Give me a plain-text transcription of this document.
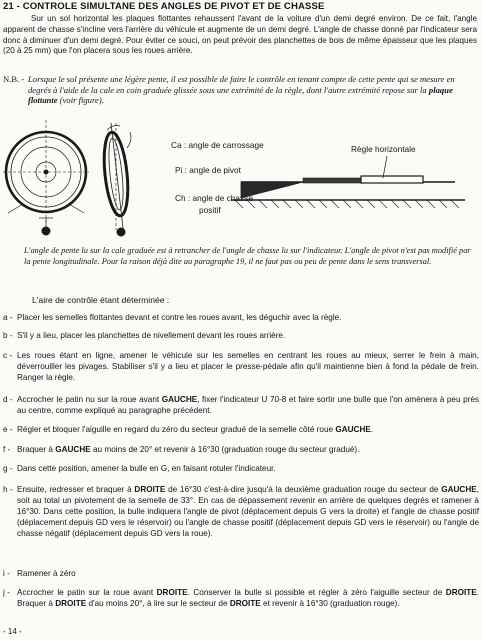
21 - CONTROLE SIMULTANE DES ANGLES DE PIVOT ET DE CHASSE

Sur un sol horizontal les plaques flottantes rehaussent l'avant de la voiture d'un demi degré environ. De ce fait, l'angle apparent de chasse s'incline vers l'arrière du véhicule et augmente de un demi degré. L'angle de chasse donné par l'indicateur sera donc à diminuer d'un demi degré. Pour éviter ce souci, on peut prévoir des planchettes de bois de même épaisseur que les plaques (20 à 25 mm) que l'on placera sous les roues arrière.

N.B. - Lorsque le sol présente une légère pente, il est possible de faire le contrôle en tenant compte de cette pente qui se mesure en degrés à l'aide de la cale en coin graduée glissée sous une extrémité de la règle, dont l'autre extrémité repose sur la plaque flottante (voir figure).
Ca : angle de carrossage
Pi : angle de pivot
Ch : angle de chasse
positif
Règle horizontale

L'angle de pente lu sur la cale graduée est à retrancher de l'angle de chasse lu sur l'indicateur. L'angle de pivot n'est pas modifié par la pente longitudinale. Pour la raison déjà dite au paragraphe 19, il ne faut pas ou peu de pente dans le sens transversal.

L'aire de contrôle étant déterminée :
a - Placer les semelles flottantes devant et contre les roues avant, les déguchir avec la règle.
b - S'il y a lieu, placer les planchettes de nivellement devant les roues arrière.
c - Les roues étant en ligne, amener le véhicule sur les semelles en centrant les roues au mieux, serrer le frein à main, déverrouiller les pivages. Stabiliser s'il y a lieu et placer le presse-pédale afin qu'il maintienne bien à fond la pédale de frein. Ranger la règle.
d - Accrocher le patin nu sur la roue avant GAUCHE, fixer l'indicateur U 70-8 et faire sortir une bulle que l'on amènera à peu près au centre, comme expliqué au paragraphe précédent.
e - Régler et bloquer l'aiguille en regard du zéro du secteur gradué de la semelle côté roue GAUCHE.
f - Braquer à GAUCHE au moins de 20° et revenir à 16°30 (graduation rouge du secteur gradué).
g - Dans cette position, amener la bulle en G, en faisant rotuler l'indicateur.
h - Ensuite, redresser et braquer à DROITE de 16°30 c'est-à-dire jusqu'à la deuxième graduation rouge du secteur de GAUCHE, soit au total un pivotement de la semelle de 33°. En cas de dépassement revenir en arrière de quelques degrés et ramener à 16°30. Dans cette position, la bulle indiquera l'angle de pivot (déplacement depuis G vers la droite) et l'angle de chasse positif (déplacement depuis GD vers le réservoir) ou l'angle de chasse positif (déplacement depuis GD vers le réservoir) ou l'angle de chasse négatif (déplacement depuis GD vers la roue).
i - Ramener à zéro
j - Accrocher le patin sur la roue avant DROITE. Conserver la bulle si possible et régler à zéro l'aiguille secteur de DROITE. Braquer à DROITE d'au moins 20°, à lire sur le secteur de DROITE et revenir à 16°30 (graduation rouge).
- 14 -
